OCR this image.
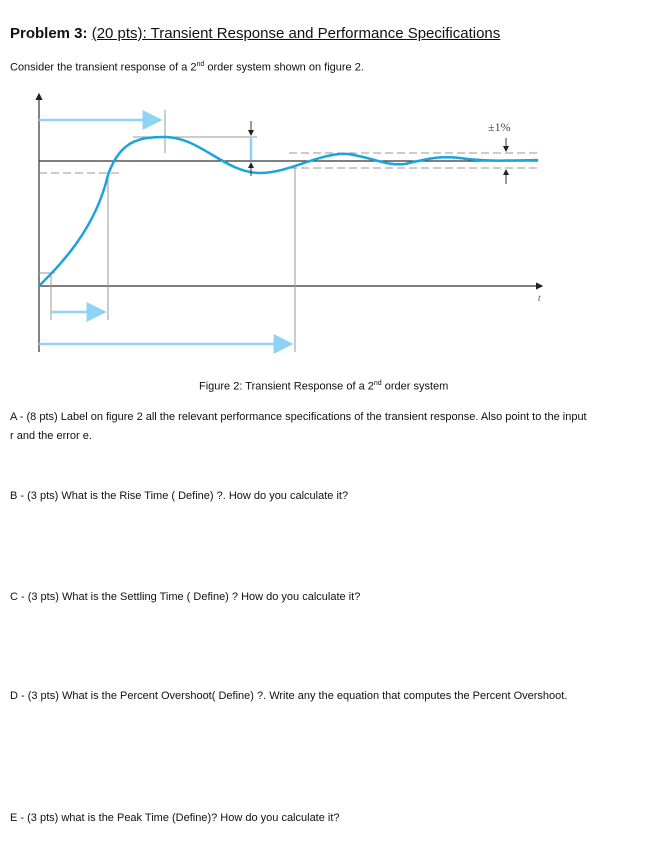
Problem 3: (20 pts): Transient Response and Performance Specifications
Consider the transient response of a 2nd order system shown on figure 2.
±1%
t
Figure 2: Transient Response of a 2nd order system
A - (8 pts) Label on figure 2 all the relevant performance specifications of the transient response. Also point to the input
r and the error e.
B - (3 pts) What is the Rise Time ( Define) ?. How do you calculate it?
C - (3 pts) What is the Settling Time ( Define) ? How do you calculate it?
D - (3 pts) What is the Percent Overshoot( Define) ?. Write any the equation that computes the Percent Overshoot.
E - (3 pts) what is the Peak Time (Define)? How do you calculate it?
